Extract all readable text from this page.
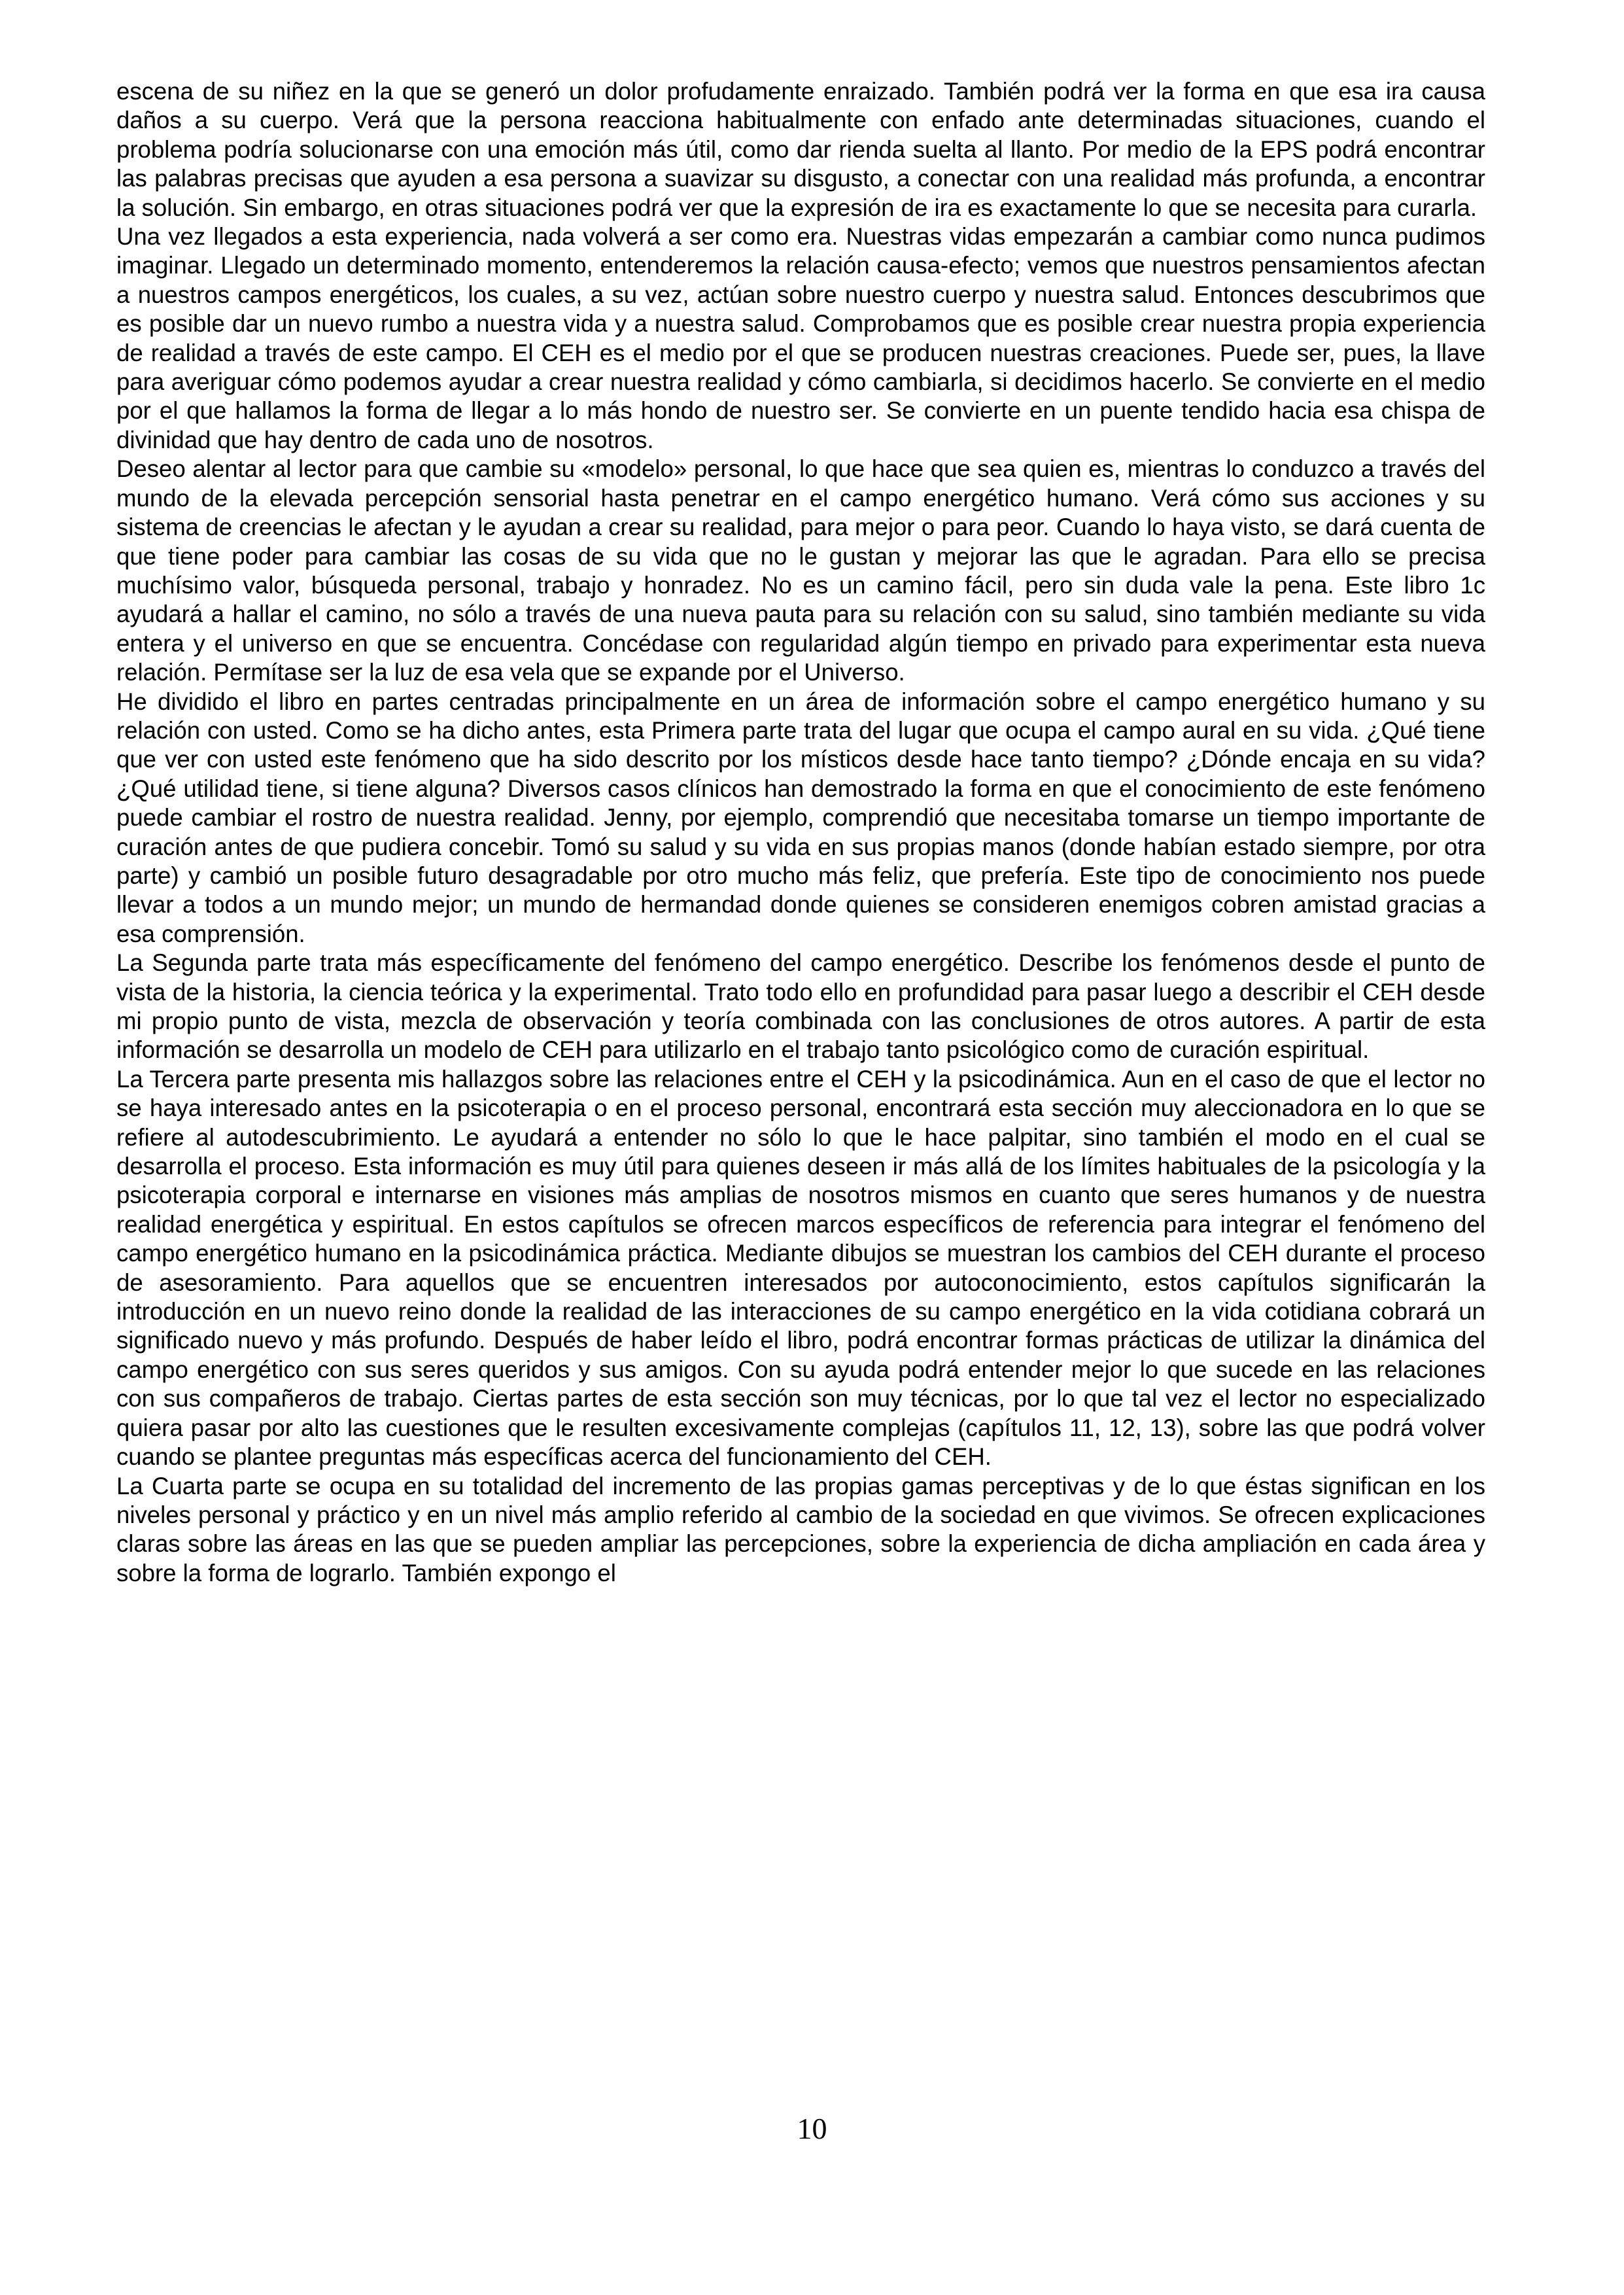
escena de su niñez en la que se generó un dolor profudamente enraizado. También podrá ver la forma en que esa ira causa daños a su cuerpo. Verá que la persona reacciona habitualmente con enfado ante determinadas situaciones, cuando el problema podría solucionarse con una emoción más útil, como dar rienda suelta al llanto. Por medio de la EPS podrá encontrar las palabras precisas que ayuden a esa persona a suavizar su disgusto, a conectar con una realidad más profunda, a encontrar la solución. Sin embargo, en otras situaciones podrá ver que la expresión de ira es exactamente lo que se necesita para curarla.

Una vez llegados a esta experiencia, nada volverá a ser como era. Nuestras vidas empezarán a cambiar como nunca pudimos imaginar. Llegado un determinado momento, entenderemos la relación causa-efecto; vemos que nuestros pensamientos afectan a nuestros campos energéticos, los cuales, a su vez, actúan sobre nuestro cuerpo y nuestra salud. Entonces descubrimos que es posible dar un nuevo rumbo a nuestra vida y a nuestra salud. Comprobamos que es posible crear nuestra propia experiencia de realidad a través de este campo. El CEH es el medio por el que se producen nuestras creaciones. Puede ser, pues, la llave para averiguar cómo podemos ayudar a crear nuestra realidad y cómo cambiarla, si decidimos hacerlo. Se convierte en el medio por el que hallamos la forma de llegar a lo más hondo de nuestro ser. Se convierte en un puente tendido hacia esa chispa de divinidad que hay dentro de cada uno de nosotros.

Deseo alentar al lector para que cambie su «modelo» personal, lo que hace que sea quien es, mientras lo conduzco a través del mundo de la elevada percepción sensorial hasta penetrar en el campo energético humano. Verá cómo sus acciones y su sistema de creencias le afectan y le ayudan a crear su realidad, para mejor o para peor. Cuando lo haya visto, se dará cuenta de que tiene poder para cambiar las cosas de su vida que no le gustan y mejorar las que le agradan. Para ello se precisa muchísimo valor, búsqueda personal, trabajo y honradez. No es un camino fácil, pero sin duda vale la pena. Este libro 1c ayudará a hallar el camino, no sólo a través de una nueva pauta para su relación con su salud, sino también mediante su vida entera y el universo en que se encuentra. Concédase con regularidad algún tiempo en privado para experimentar esta nueva relación. Permítase ser la luz de esa vela que se expande por el Universo.

He dividido el libro en partes centradas principalmente en un área de información sobre el campo energético humano y su relación con usted. Como se ha dicho antes, esta Primera parte trata del lugar que ocupa el campo aural en su vida. ¿Qué tiene que ver con usted este fenómeno que ha sido descrito por los místicos desde hace tanto tiempo? ¿Dónde encaja en su vida? ¿Qué utilidad tiene, si tiene alguna? Diversos casos clínicos han demostrado la forma en que el conocimiento de este fenómeno puede cambiar el rostro de nuestra realidad. Jenny, por ejemplo, comprendió que necesitaba tomarse un tiempo importante de curación antes de que pudiera concebir. Tomó su salud y su vida en sus propias manos (donde habían estado siempre, por otra parte) y cambió un posible futuro desagradable por otro mucho más feliz, que prefería. Este tipo de conocimiento nos puede llevar a todos a un mundo mejor; un mundo de hermandad donde quienes se consideren enemigos cobren amistad gracias a esa comprensión.

La Segunda parte trata más específicamente del fenómeno del campo energético. Describe los fenómenos desde el punto de vista de la historia, la ciencia teórica y la experimental. Trato todo ello en profundidad para pasar luego a describir el CEH desde mi propio punto de vista, mezcla de observación y teoría combinada con las conclusiones de otros autores. A partir de esta información se desarrolla un modelo de CEH para utilizarlo en el trabajo tanto psicológico como de curación espiritual.

La Tercera parte presenta mis hallazgos sobre las relaciones entre el CEH y la psicodinámica. Aun en el caso de que el lector no se haya interesado antes en la psicoterapia o en el proceso personal, encontrará esta sección muy aleccionadora en lo que se refiere al autodescubrimiento. Le ayudará a entender no sólo lo que le hace palpitar, sino también el modo en el cual se desarrolla el proceso. Esta información es muy útil para quienes deseen ir más allá de los límites habituales de la psicología y la psicoterapia corporal e internarse en visiones más amplias de nosotros mismos en cuanto que seres humanos y de nuestra realidad energética y espiritual. En estos capítulos se ofrecen marcos específicos de referencia para integrar el fenómeno del campo energético humano en la psicodinámica práctica. Mediante dibujos se muestran los cambios del CEH durante el proceso de asesoramiento. Para aquellos que se encuentren interesados por autoconocimiento, estos capítulos significarán la introducción en un nuevo reino donde la realidad de las interacciones de su campo energético en la vida cotidiana cobrará un significado nuevo y más profundo. Después de haber leído el libro, podrá encontrar formas prácticas de utilizar la dinámica del campo energético con sus seres queridos y sus amigos. Con su ayuda podrá entender mejor lo que sucede en las relaciones con sus compañeros de trabajo. Ciertas partes de esta sección son muy técnicas, por lo que tal vez el lector no especializado quiera pasar por alto las cuestiones que le resulten excesivamente complejas (capítulos 11, 12, 13), sobre las que podrá volver cuando se plantee preguntas más específicas acerca del funcionamiento del CEH.

La Cuarta parte se ocupa en su totalidad del incremento de las propias gamas perceptivas y de lo que éstas significan en los niveles personal y práctico y en un nivel más amplio referido al cambio de la sociedad en que vivimos. Se ofrecen explicaciones claras sobre las áreas en las que se pueden ampliar las percepciones, sobre la experiencia de dicha ampliación en cada área y sobre la forma de lograrlo. También expongo el

10
